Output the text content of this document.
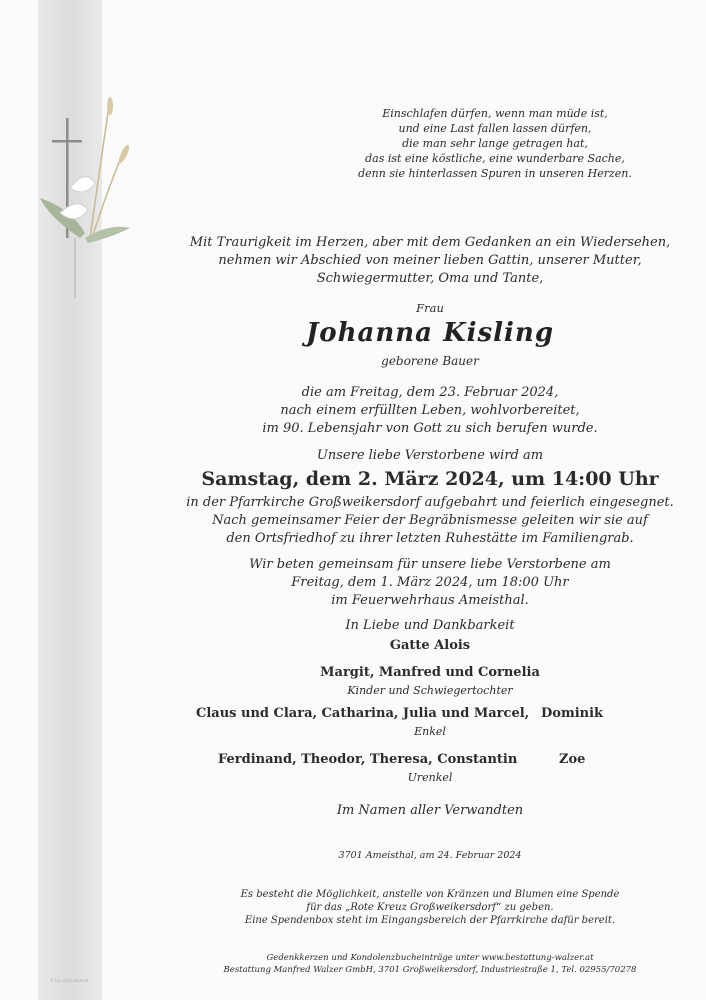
Einschlafen dürfen, wenn man müde ist,
und eine Last fallen lassen dürfen,
die man sehr lange getragen hat,
das ist eine köstliche, eine wunderbare Sache,
denn sie hinterlassen Spuren in unseren Herzen.
Mit Traurigkeit im Herzen, aber mit dem Gedanken an ein Wiedersehen,
nehmen wir Abschied von meiner lieben Gattin, unserer Mutter,
Schwiegermutter, Oma und Tante,
Frau
Johanna Kisling
geborene Bauer
die am Freitag, dem 23. Februar 2024,
nach einem erfüllten Leben, wohlvorbereitet,
im 90. Lebensjahr von Gott zu sich berufen wurde.
Unsere liebe Verstorbene wird am
Samstag, dem 2. März 2024, um 14:00 Uhr
in der Pfarrkirche Großweikersdorf aufgebahrt und feierlich eingesegnet.
Nach gemeinsamer Feier der Begräbnismesse geleiten wir sie auf
den Ortsfriedhof zu ihrer letzten Ruhestätte im Familiengrab.
Wir beten gemeinsam für unsere liebe Verstorbene am
Freitag, dem 1. März 2024, um 18:00 Uhr
im Feuerwehrhaus Ameisthal.
In Liebe und Dankbarkeit
Gatte Alois
Margit, Manfred und Cornelia
Kinder und Schwiegertochter
Claus und Clara, Catharina, Julia und Marcel, Dominik
Enkel
Ferdinand, Theodor, Theresa, Constantin	Zoe
Urenkel
Im Namen aller Verwandten
3701 Ameisthal, am 24. Februar 2024
Es besteht die Möglichkeit, anstelle von Kränzen und Blumen eine Spende
für das „Rote Kreuz Großweikersdorf“ zu geben.
Eine Spendenbox steht im Eingangsbereich der Pfarrkirche dafür bereit.
Gedenkkerzen und Kondolenzbucheinträge unter www.bestattung-walzer.at
Bestattung Manfred Walzer GmbH, 3701 Großweikersdorf, Industriestraße 1, Tel. 02955/70278
© by Lösch Austria
